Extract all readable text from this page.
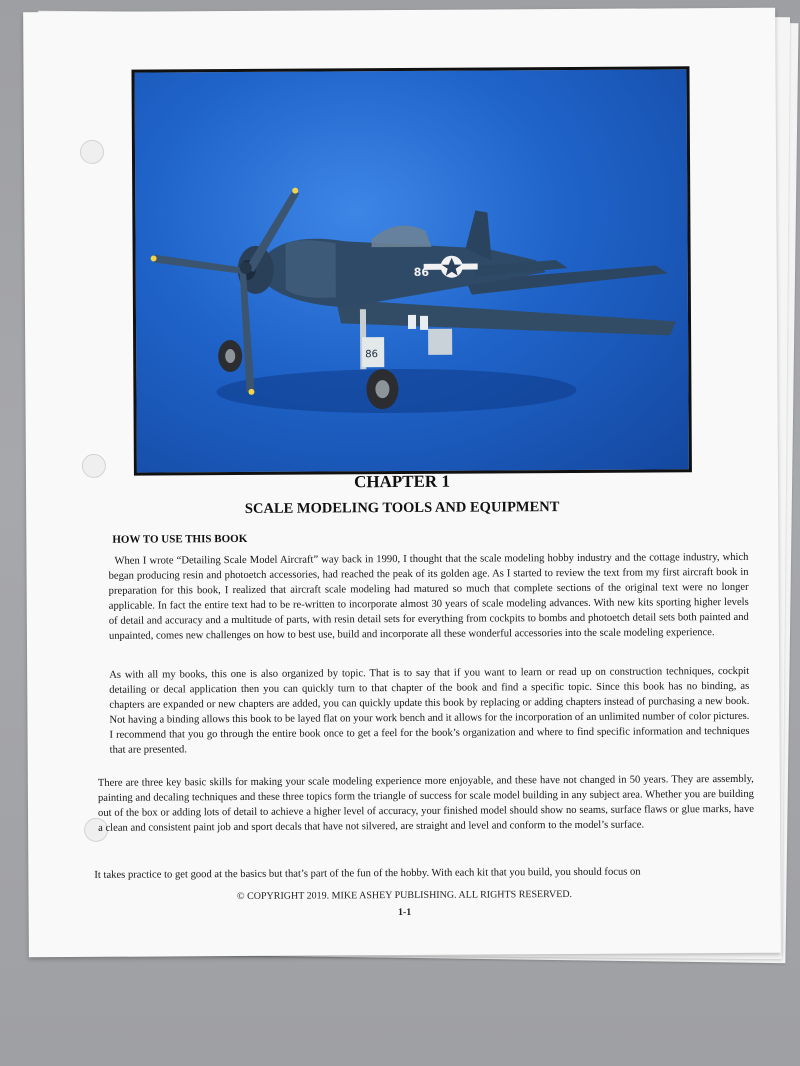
86
86
CHAPTER 1
SCALE MODELING TOOLS AND EQUIPMENT
HOW TO USE THIS BOOK
When I wrote “Detailing Scale Model Aircraft” way back in 1990, I thought that the scale modeling hobby industry and the cottage industry, which began producing resin and photoetch accessories, had reached the peak of its golden age. As I started to review the text from my first aircraft book in preparation for this book, I realized that aircraft scale modeling had matured so much that complete sections of the original text were no longer applicable. In fact the entire text had to be re-written to incorporate almost 30 years of scale modeling advances. With new kits sporting higher levels of detail and accuracy and a multitude of parts, with resin detail sets for everything from cockpits to bombs and photoetch detail sets both painted and unpainted, comes new challenges on how to best use, build and incorporate all these wonderful accessories into the scale modeling experience.
As with all my books, this one is also organized by topic. That is to say that if you want to learn or read up on construction techniques, cockpit detailing or decal application then you can quickly turn to that chapter of the book and find a specific topic. Since this book has no binding, as chapters are expanded or new chapters are added, you can quickly update this book by replacing or adding chapters instead of purchasing a new book. Not having a binding allows this book to be layed flat on your work bench and it allows for the incorporation of an unlimited number of color pictures. I recommend that you go through the entire book once to get a feel for the book’s organization and where to find specific information and techniques that are presented.
There are three key basic skills for making your scale modeling experience more enjoyable, and these have not changed in 50 years. They are assembly, painting and decaling techniques and these three topics form the triangle of success for scale model building in any subject area. Whether you are building out of the box or adding lots of detail to achieve a higher level of accuracy, your finished model should show no seams, surface flaws or glue marks, have a clean and consistent paint job and sport decals that have not silvered, are straight and level and conform to the model’s surface.
It takes practice to get good at the basics but that’s part of the fun of the hobby. With each kit that you build, you should focus on
© COPYRIGHT 2019. MIKE ASHEY PUBLISHING. ALL RIGHTS RESERVED.
1-1
